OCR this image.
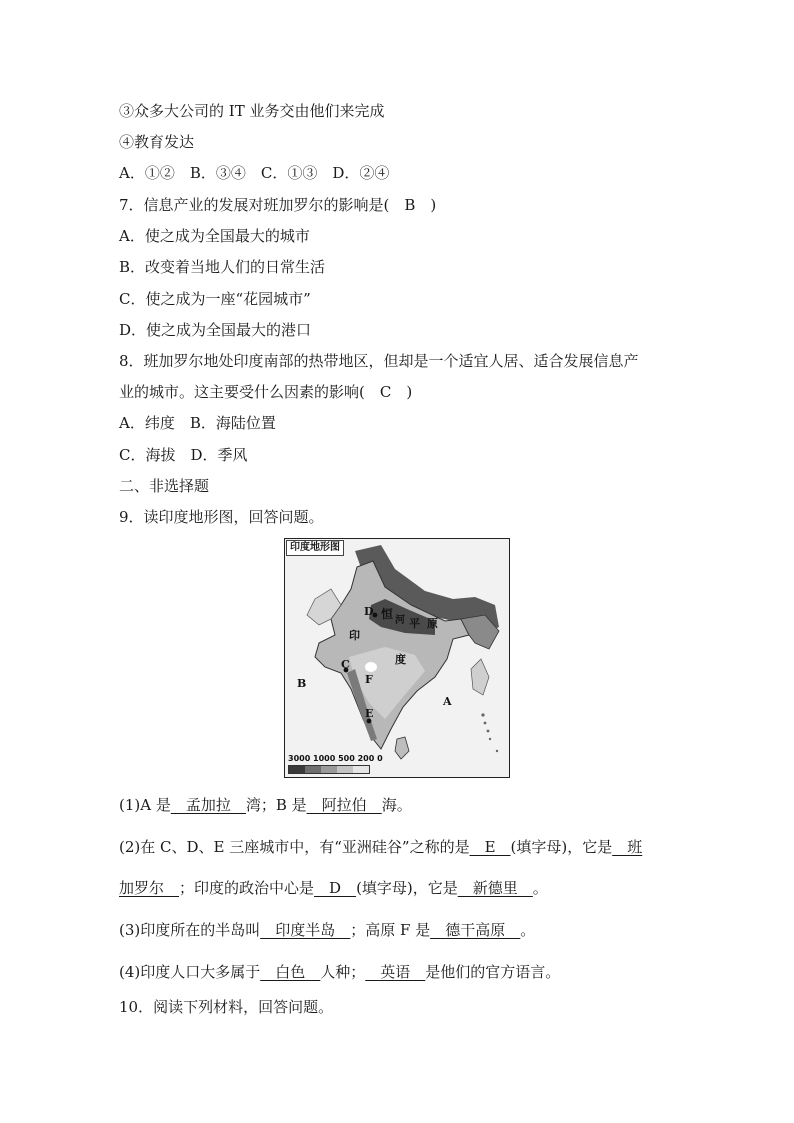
③众多大公司的 IT 业务交由他们来完成
④教育发达
A．①②　B．③④　C．①③　D．②④
7．信息产业的发展对班加罗尔的影响是(　B　)
A．使之成为全国最大的城市
B．改变着当地人们的日常生活
C．使之成为一座“花园城市”
D．使之成为全国最大的港口
8．班加罗尔地处印度南部的热带地区，但却是一个适宜人居、适合发展信息产
业的城市。这主要受什么因素的影响(　C　)
A．纬度　B．海陆位置
C．海拔　D．季风
二、非选择题
9．读印度地形图，回答问题。
印度地形图
D 恒 河 平 原
印
度
C
F
B
A
E
3000 1000 500 200 0
(1)A 是__孟加拉__湾；B 是__阿拉伯__海。
(2)在 C、D、E 三座城市中，有“亚洲硅谷”之称的是__E__(填字母)，它是__班
加罗尔__；印度的政治中心是__D__(填字母)，它是__新德里__。
(3)印度所在的半岛叫__印度半岛__；高原 F 是__德干高原__。
(4)印度人口大多属于__白色__人种；__英语__是他们的官方语言。
10．阅读下列材料，回答问题。
